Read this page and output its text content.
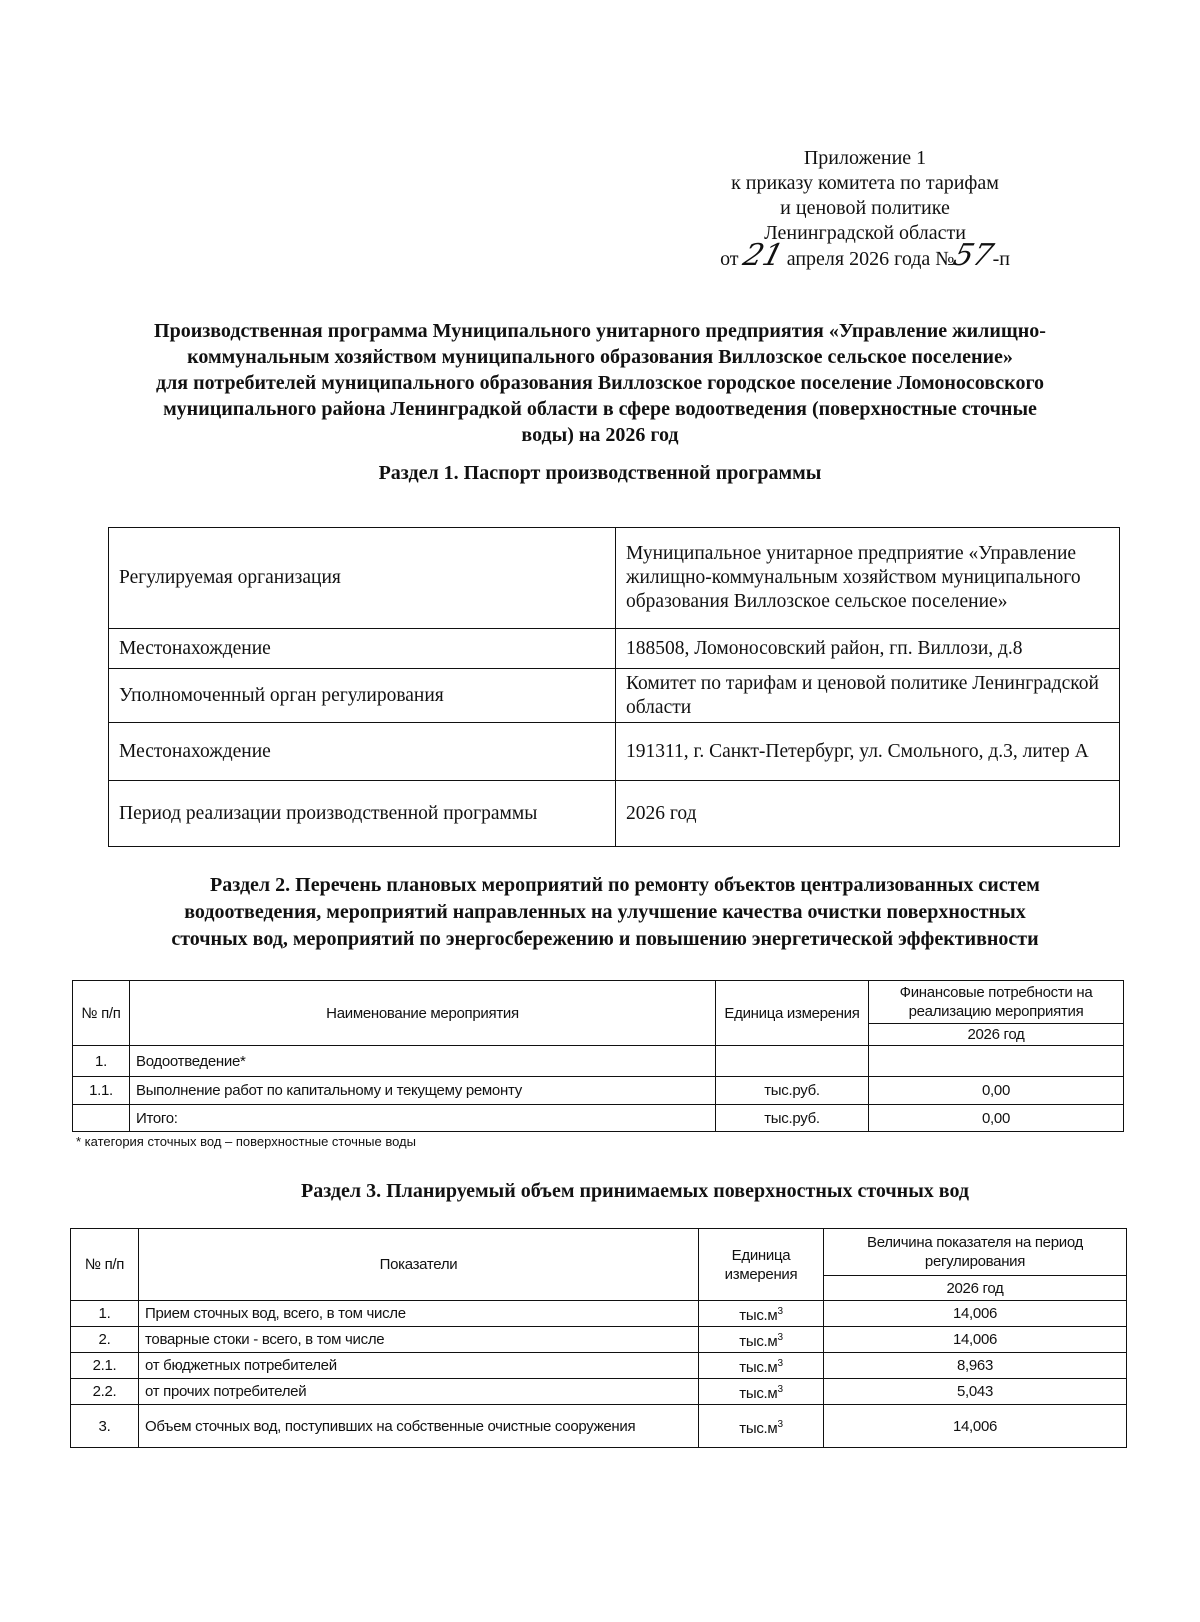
Приложение 1
к приказу комитета по тарифам
и ценовой политике
Ленинградской области
от 21 апреля 2026 года №57-п
Производственная программа Муниципального унитарного предприятия «Управление жилищно-
коммунальным хозяйством муниципального образования Виллозское сельское поселение»
для потребителей муниципального образования Виллозское городское поселение Ломоносовского
муниципального района Ленинградкой области в сфере водоотведения (поверхностные сточные
воды) на 2026 год
Раздел 1. Паспорт производственной программы
Регулируемая организация	Муниципальное унитарное предприятие «Управление жилищно-коммунальным хозяйством муниципального образования Виллозское сельское поселение»
Местонахождение	188508, Ломоносовский район, гп. Виллози, д.8
Уполномоченный орган регулирования	Комитет по тарифам и ценовой политике Ленинградской области
Местонахождение	191311, г. Санкт-Петербург, ул. Смольного, д.3, литер А
Период реализации производственной программы	2026 год
Раздел 2. Перечень плановых мероприятий по ремонту объектов централизованных систем
водоотведения, мероприятий направленных на улучшение качества очистки поверхностных
сточных вод, мероприятий по энергосбережению и повышению энергетической эффективности
№ п/п	Наименование мероприятия	Единица измерения	Финансовые потребности на реализацию мероприятия
			2026 год
1.	Водоотведение*		
1.1.	Выполнение работ по капитальному и текущему ремонту	тыс.руб.	0,00
	Итого:	тыс.руб.	0,00
* категория сточных вод – поверхностные сточные воды
Раздел 3. Планируемый объем принимаемых поверхностных сточных вод
№ п/п	Показатели	Единица измерения	Величина показателя на период регулирования
			2026 год
1.	Прием сточных вод, всего, в том числе	$тыс.м^3$	14,006
2.	товарные стоки - всего, в том числе	$тыс.м^3$	14,006
2.1.	от бюджетных потребителей	$тыс.м^3$	8,963
2.2.	от прочих потребителей	$тыс.м^3$	5,043
3.	Объем сточных вод, поступивших на собственные очистные сооружения	$тыс.м^3$	14,006
